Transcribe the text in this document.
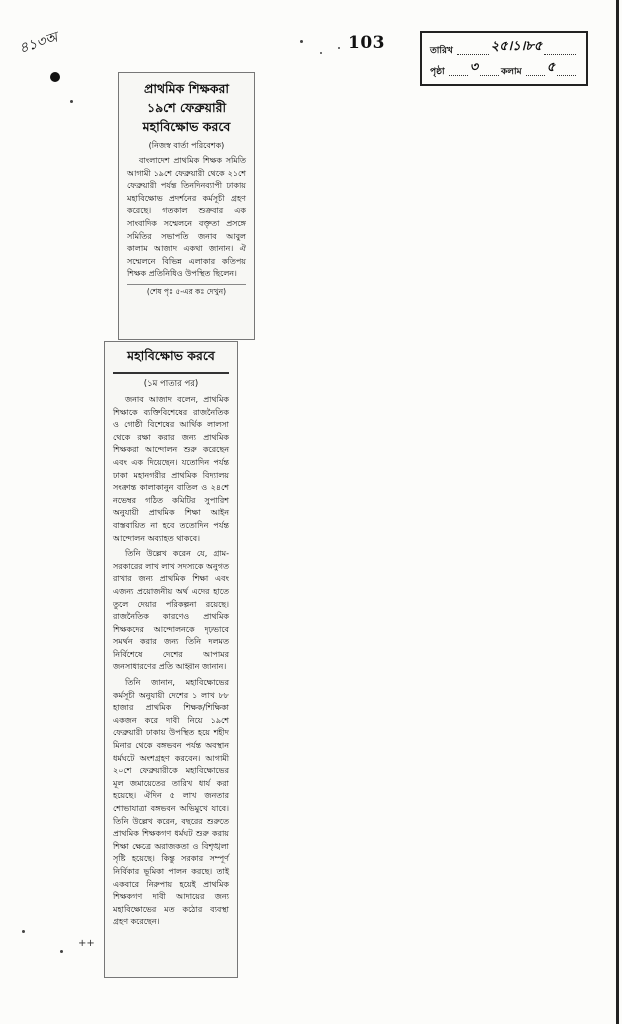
৪১৩অ	103	তারিখ	২৫।১।৮৫
পৃষ্ঠা ৩	কলাম ৫

প্রাথমিক শিক্ষকরা

১৯শে ফেব্রুয়ারী

মহাবিক্ষোভ করবে

(নিজস্ব বার্তা পরিবেশক)

বাংলাদেশ প্রাথমিক শিক্ষক সমিতি আগামী ১৯শে ফেব্রুয়ারী থেকে ২১শে ফেব্রুয়ারী পর্যন্ত তিনদিনব্যাপী ঢাকায় মহাবিক্ষোভ প্রদর্শনের কর্মসূচী গ্রহণ করেছে। গতকাল শুক্রবার এক সাংবাদিক সম্মেলনে বক্তৃতা প্রসঙ্গে সমিতির সভাপতি জনাব আবুল কালাম আজাদ একথা জানান। ঐ সম্মেলনে বিভিন্ন এলাকার কতিপয় শিক্ষক প্রতিনিধিও উপস্থিত ছিলেন।

(শেষ পৃঃ ৫-এর কঃ দেখুন)
মহাবিক্ষোভ করবে
(১ম পাতার পর)

জনাব আজাদ বলেন, প্রাথমিক শিক্ষাকে ব্যক্তিবিশেষের রাজনৈতিক ও গোষ্ঠী বিশেষের আর্থিক লালসা থেকে রক্ষা করার জন্য প্রাথমিক শিক্ষকরা আন্দোলন শুরু করেছেন এবং এক দিয়েছেন। যতোদিন পর্যন্ত ঢাকা মহানগরীর প্রাথমিক বিদ্যালয় সংক্রান্ত কালাকানুন বাতিল ও ২৪শে নভেম্বর গঠিত কমিটির সুপারিশ অনুযায়ী প্রাথমিক শিক্ষা আইন বাস্তবায়িত না হবে ততোদিন পর্যন্ত আন্দোলন অব্যাহত থাকবে।

তিনি উল্লেখ করেন যে, গ্রাম-সরকারের লাখ লাখ সদস্যকে অনুগত রাখার জন্য প্রাথমিক শিক্ষা এবং এজন্য প্রয়োজনীয় অর্থ এদের হাতে তুলে দেয়ার পরিকল্পনা রয়েছে। রাজনৈতিক কারণেও প্রাথমিক শিক্ষকদের আন্দোলনকে দৃঢ়ভাবে সমর্থন করার জন্য তিনি দলমত নির্বিশেষে দেশের আপামর জনসাধারণের প্রতি আহ্বান জানান।

তিনি জানান, মহাবিক্ষোভের কর্মসূচী অনুযায়ী দেশের ১ লাখ ৮৮ হাজার প্রাথমিক শিক্ষক/শিক্ষিকা একজন করে দাবী নিয়ে ১৯শে ফেব্রুয়ারী ঢাকায় উপস্থিত হয়ে শহীদ মিনার থেকে বঙ্গভবন পর্যন্ত অবস্থান ধর্মঘটে অংশগ্রহণ করবেন। আগামী ২০শে ফেব্রুয়ারীকে মহাবিক্ষোভের মূল জমায়েতের তারিখ ধার্য করা হয়েছে। ঐদিন ৫ লাখ জনতার শোভাযাত্রা বঙ্গভবন অভিমুখে যাবে। তিনি উল্লেখ করেন, বছরের শুরুতে প্রাথমিক শিক্ষকগণ ধর্মঘট শুরু করায় শিক্ষা ক্ষেত্রে অরাজকতা ও বিশৃঙ্খলা সৃষ্টি হয়েছে। কিন্তু সরকার সম্পূর্ণ নির্বিকার ভূমিকা পালন করছে। তাই একবারে নিরুপায় হয়েই প্রাথমিক শিক্ষকগণ দাবী আদায়ের জন্য মহাবিক্ষোভের মত কঠোর ব্যবস্থা গ্রহণ করেছেন।

++
